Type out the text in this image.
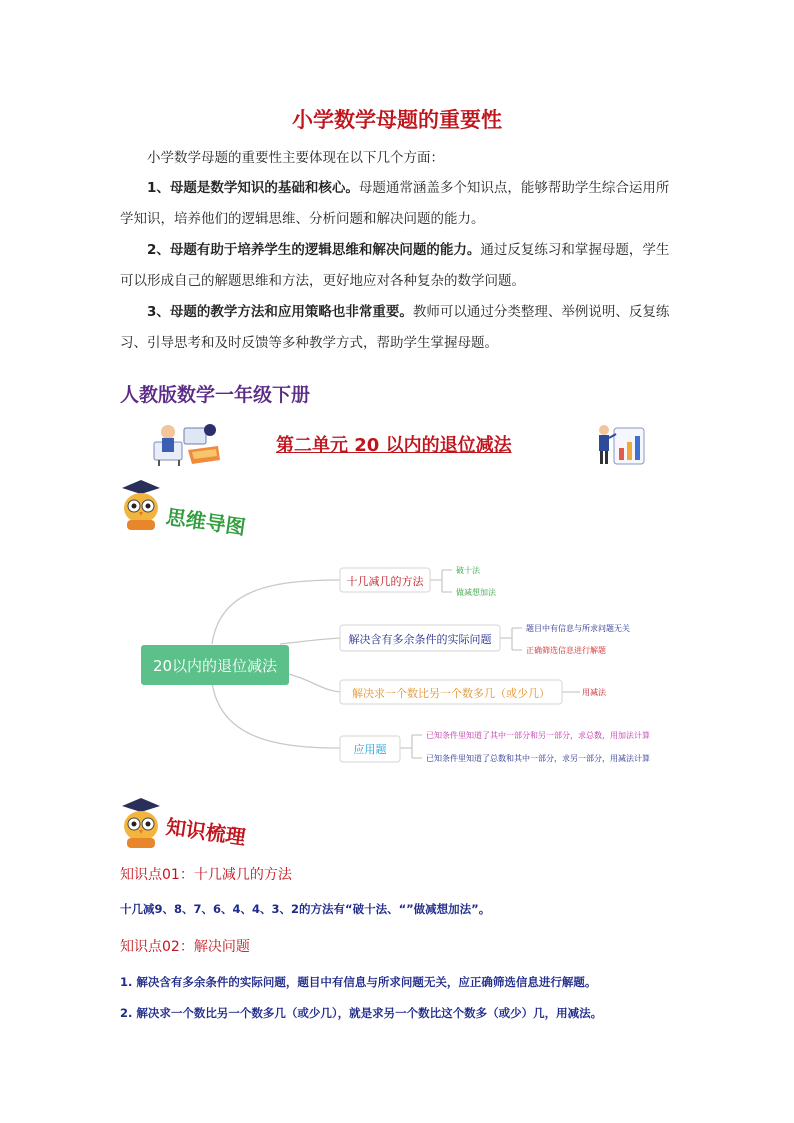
小学数学母题的重要性
小学数学母题的重要性主要体现在以下几个方面：
1、母题是数学知识的基础和核心。母题通常涵盖多个知识点，能够帮助学生综合运用所学知识，培养他们的逻辑思维、分析问题和解决问题的能力。
2、母题有助于培养学生的逻辑思维和解决问题的能力。通过反复练习和掌握母题，学生可以形成自己的解题思维和方法，更好地应对各种复杂的数学问题。
3、母题的教学方法和应用策略也非常重要。教师可以通过分类整理、举例说明、反复练习、引导思考和及时反馈等多种教学方式，帮助学生掌握母题。
人教版数学一年级下册
第二单元 20 以内的退位减法
思维导图
20以内的退位减法
十几减几的方法
解决含有多余条件的实际问题
解决求一个数比另一个数多几（或少几）
应用题
破十法
做减想加法
题目中有信息与所求问题无关
正确筛选信息进行解题
用减法
已知条件里知道了其中一部分和另一部分，求总数，用加法计算
已知条件里知道了总数和其中一部分，求另一部分，用减法计算
知识梳理
知识点01：十几减几的方法
十几减9、8、7、6、4、4、3、2的方法有“破十法、“”做减想加法”。
知识点02：解决问题
1. 解决含有多余条件的实际问题，题目中有信息与所求问题无关，应正确筛选信息进行解题。
2. 解决求一个数比另一个数多几（或少几），就是求另一个数比这个数多（或少）几，用减法。
